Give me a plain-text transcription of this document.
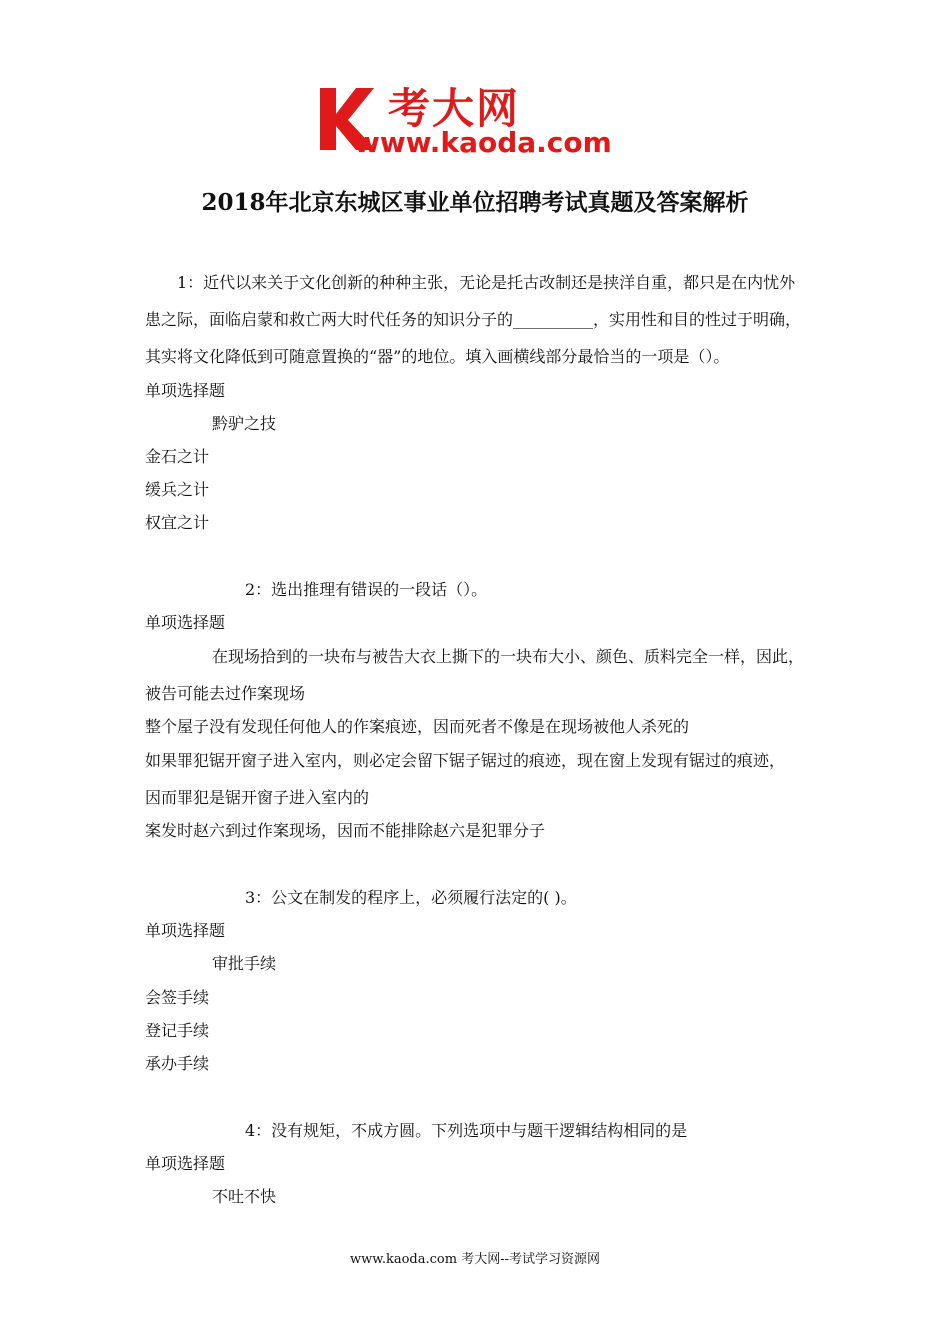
考大网
www.kaoda.com
2018年北京东城区事业单位招聘考试真题及答案解析
1：近代以来关于文化创新的种种主张，无论是托古改制还是挟洋自重，都只是在内忧外
患之际，面临启蒙和救亡两大时代任务的知识分子的__________，实用性和目的性过于明确，
其实将文化降低到可随意置换的“器”的地位。填入画横线部分最恰当的一项是（）。
单项选择题
黔驴之技
金石之计
缓兵之计
权宜之计
2：选出推理有错误的一段话（）。
单项选择题
在现场拾到的一块布与被告大衣上撕下的一块布大小、颜色、质料完全一样，因此，
被告可能去过作案现场
整个屋子没有发现任何他人的作案痕迹，因而死者不像是在现场被他人杀死的
如果罪犯锯开窗子进入室内，则必定会留下锯子锯过的痕迹，现在窗上发现有锯过的痕迹，
因而罪犯是锯开窗子进入室内的
案发时赵六到过作案现场，因而不能排除赵六是犯罪分子
3：公文在制发的程序上，必须履行法定的( )。
单项选择题
审批手续
会签手续
登记手续
承办手续
4：没有规矩，不成方圆。下列选项中与题干逻辑结构相同的是
单项选择题
不吐不快
www.kaoda.com 考大网--考试学习资源网
